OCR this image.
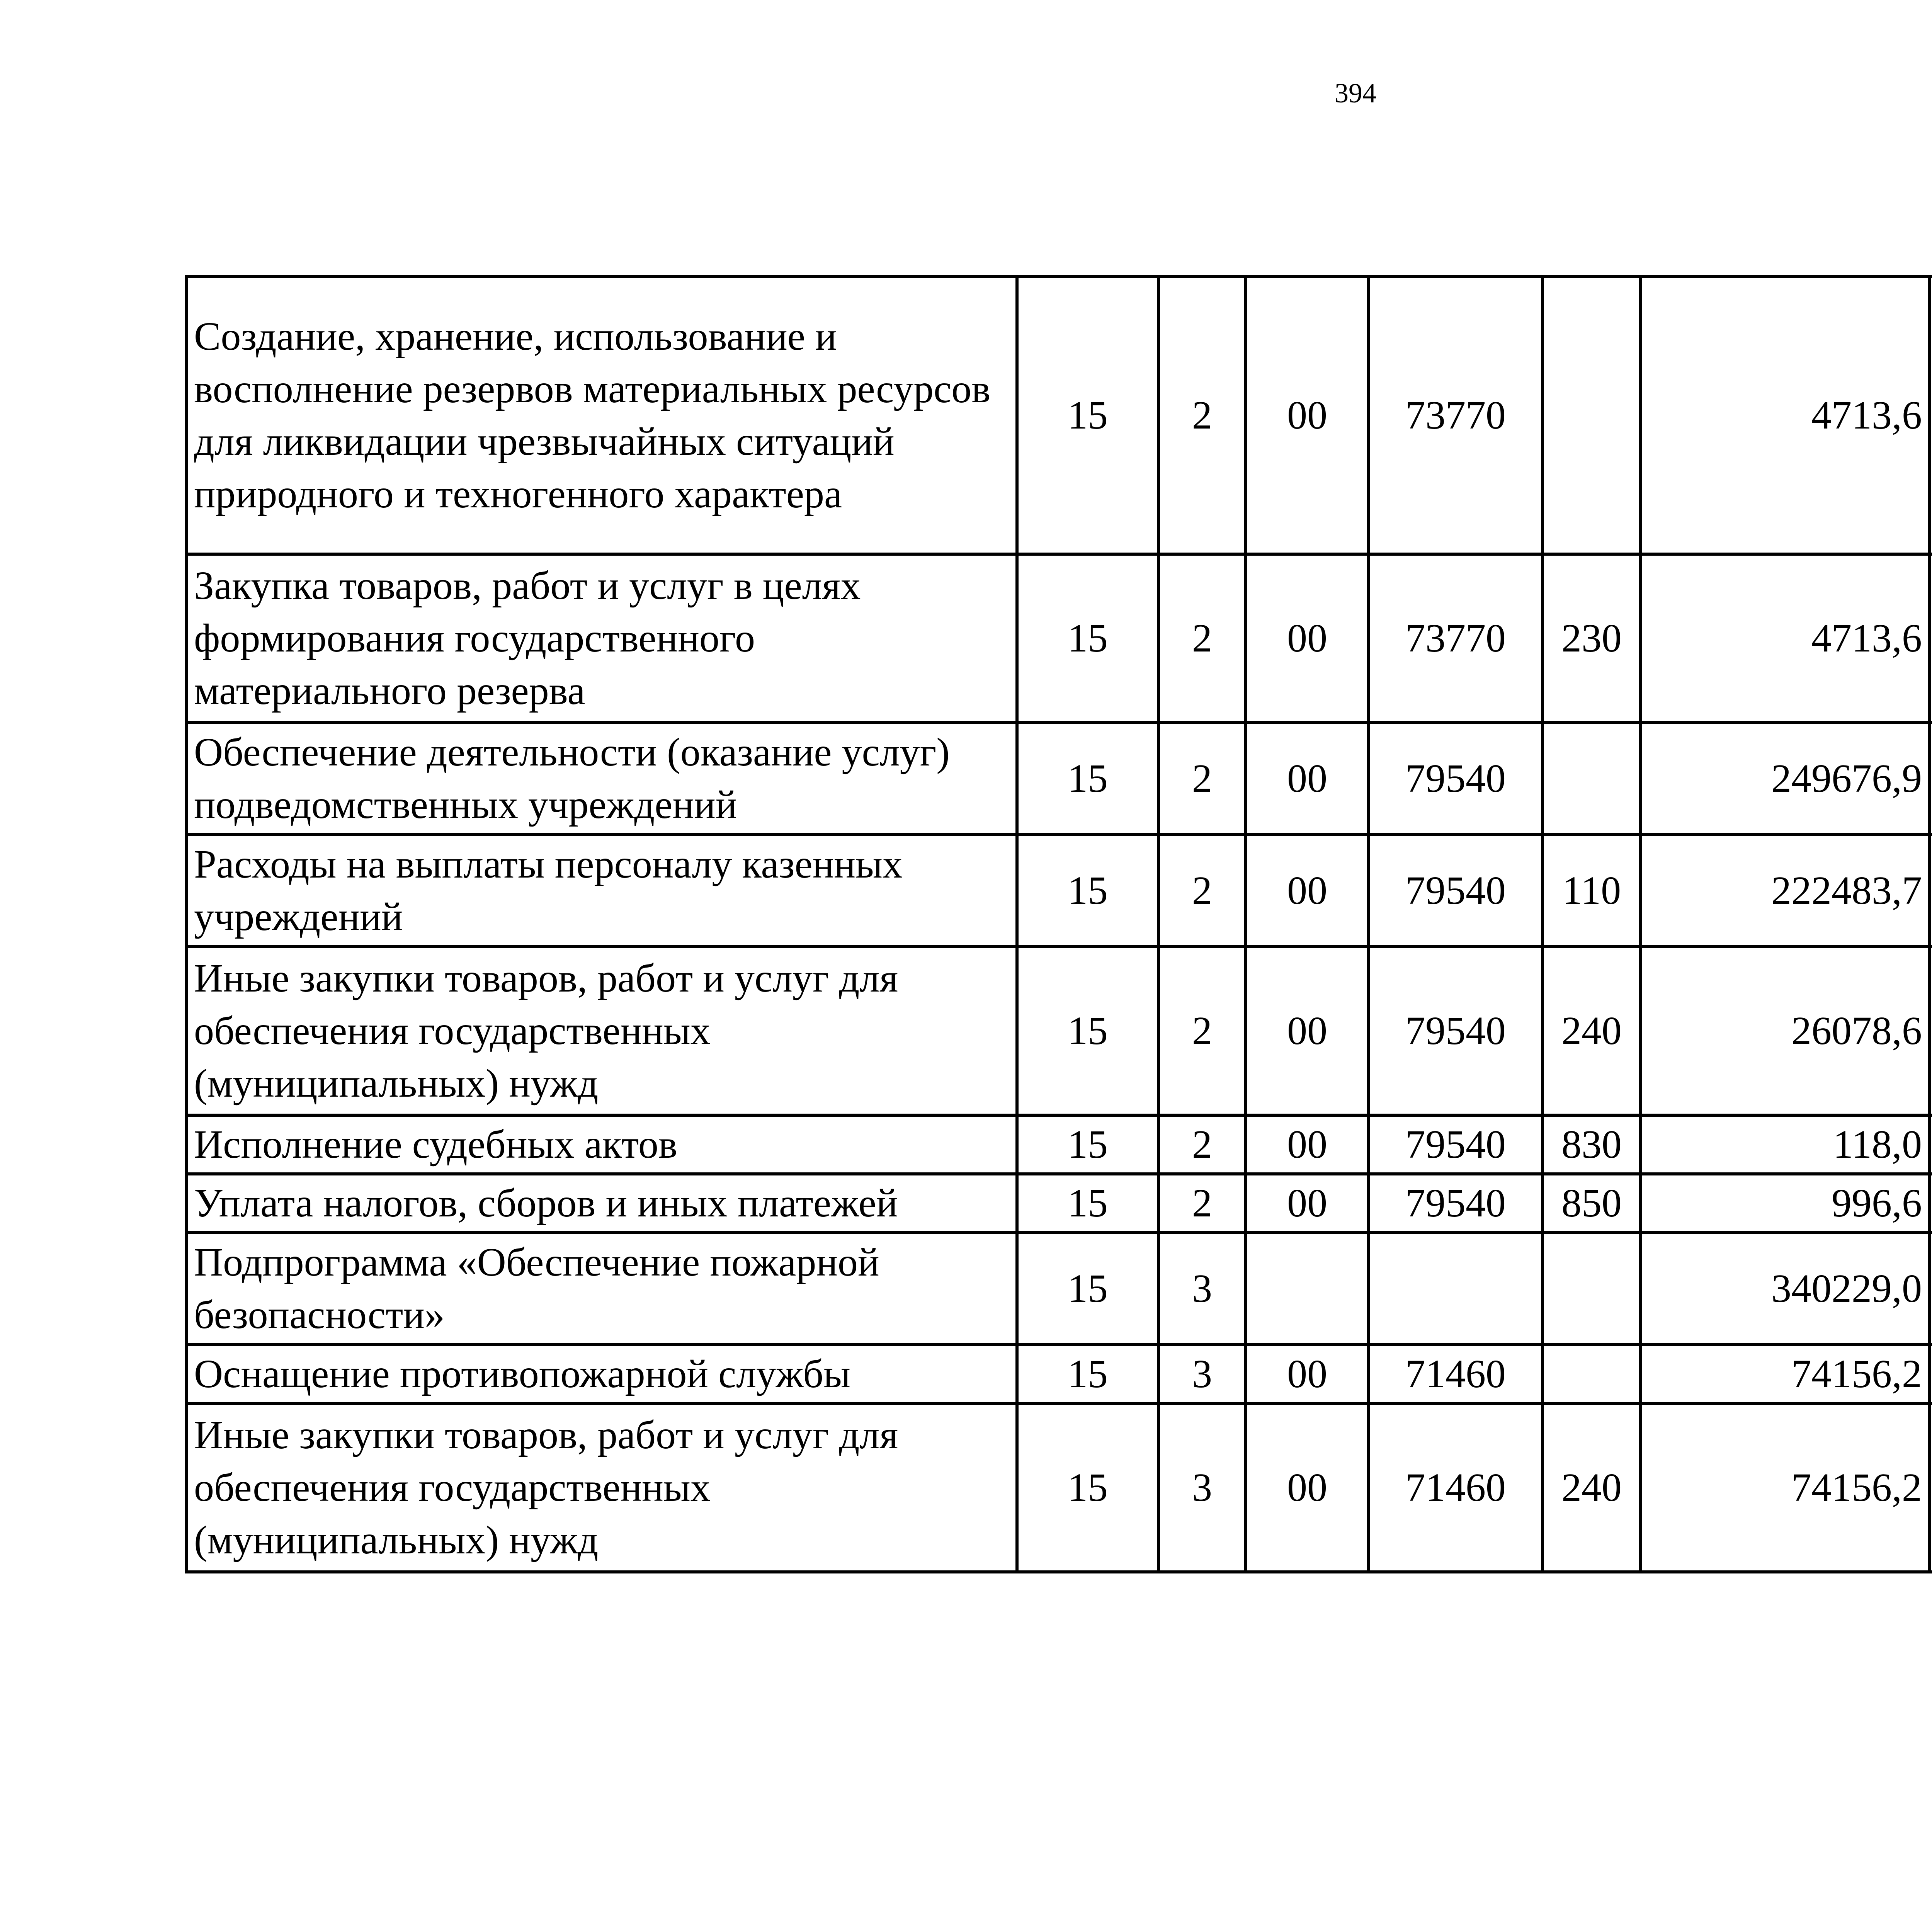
394
Создание, хранение, использование и восполнение резервов материальных ресурсов для ликвидации чрезвычайных ситуаций природного и техногенного характера	15	2	00	73770		4713,6		
Закупка товаров, работ и услуг в целях формирования государственного материального резерва	15	2	00	73770	230	4713,6		
Обеспечение деятельности (оказание услуг) подведомственных учреждений	15	2	00	79540		249676,9		
Расходы на выплаты персоналу казенных учреждений	15	2	00	79540	110	222483,7		
Иные закупки товаров, работ и услуг для обеспечения государственных (муниципальных) нужд	15	2	00	79540	240	26078,6		
Исполнение судебных актов	15	2	00	79540	830	118,0		
Уплата налогов, сборов и иных платежей	15	2	00	79540	850	996,6		
Подпрограмма «Обеспечение пожарной безопасности»	15	3				340229,0		
Оснащение противопожарной службы	15	3	00	71460		74156,2		
Иные закупки товаров, работ и услуг для обеспечения государственных (муниципальных) нужд	15	3	00	71460	240	74156,2		
